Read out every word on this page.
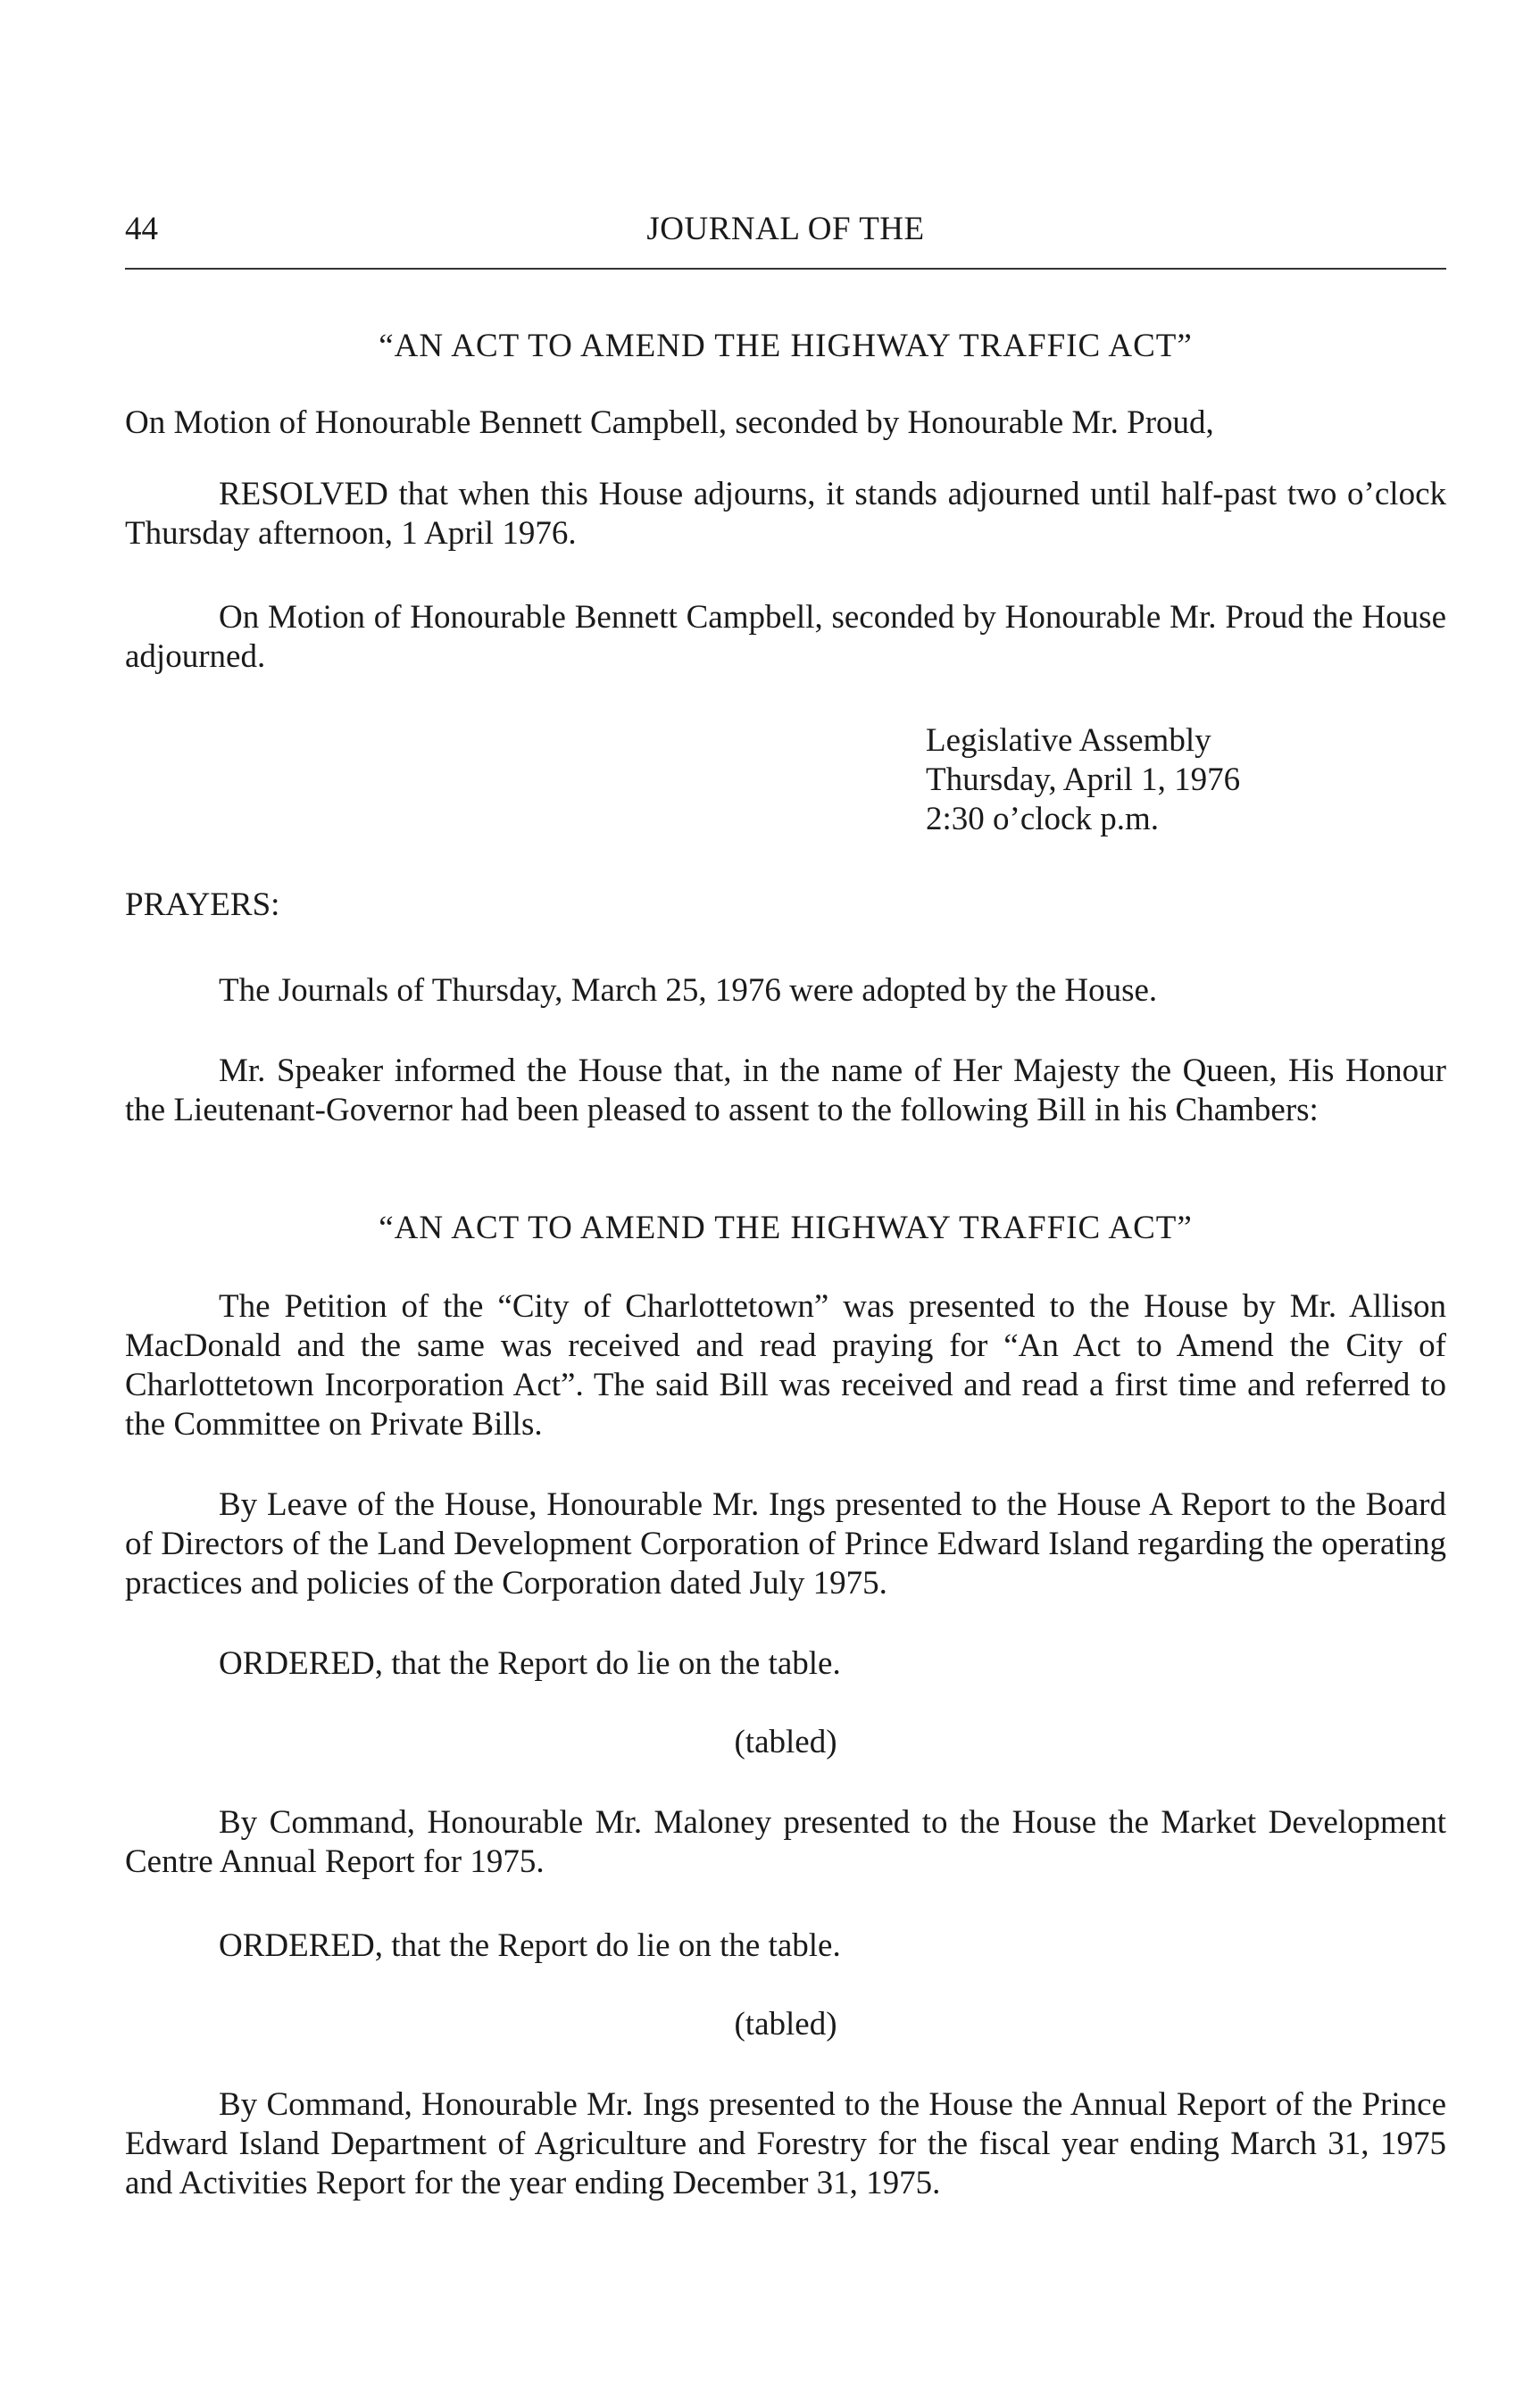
44	JOURNAL OF THE

“AN ACT TO AMEND THE HIGHWAY TRAFFIC ACT”

On Motion of Honourable Bennett Campbell, seconded by Honourable Mr. Proud,

RESOLVED that when this House adjourns, it stands adjourned until half-past two o’clock Thursday afternoon, 1 April 1976.

On Motion of Honourable Bennett Campbell, seconded by Honourable Mr. Proud the House adjourned.

Legislative Assembly
Thursday, April 1, 1976
2:30 o’clock p.m.

PRAYERS:

The Journals of Thursday, March 25, 1976 were adopted by the House.

Mr. Speaker informed the House that, in the name of Her Majesty the Queen, His Honour the Lieutenant-Governor had been pleased to assent to the following Bill in his Chambers:

“AN ACT TO AMEND THE HIGHWAY TRAFFIC ACT”

The Petition of the “City of Charlottetown” was presented to the House by Mr. Allison MacDonald and the same was received and read praying for “An Act to Amend the City of Charlottetown Incorporation Act”. The said Bill was received and read a first time and referred to the Committee on Private Bills.

By Leave of the House, Honourable Mr. Ings presented to the House A Report to the Board of Directors of the Land Development Corporation of Prince Edward Island regarding the operating practices and policies of the Corporation dated July 1975.

ORDERED, that the Report do lie on the table.

(tabled)

By Command, Honourable Mr. Maloney presented to the House the Market Development Centre Annual Report for 1975.

ORDERED, that the Report do lie on the table.

(tabled)

By Command, Honourable Mr. Ings presented to the House the Annual Report of the Prince Edward Island Department of Agriculture and Forestry for the fiscal year ending March 31, 1975 and Activities Report for the year ending December 31, 1975.
